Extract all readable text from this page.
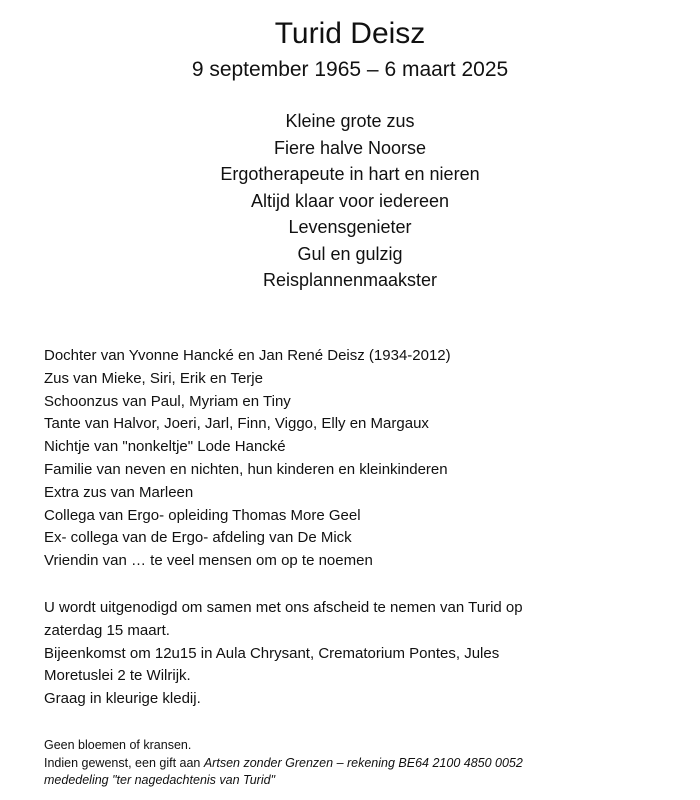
Turid Deisz
9 september 1965 – 6 maart 2025
Kleine grote zus
Fiere halve Noorse
Ergotherapeute in hart en nieren
Altijd klaar voor iedereen
Levensgenieter
Gul en gulzig
Reisplannenmaakster
Dochter van Yvonne Hancké en Jan René Deisz (1934-2012)
Zus van Mieke, Siri, Erik en Terje
Schoonzus van Paul, Myriam en Tiny
Tante van Halvor, Joeri, Jarl, Finn, Viggo, Elly en Margaux
Nichtje van "nonkeltje" Lode Hancké
Familie van neven en nichten, hun kinderen en kleinkinderen
Extra zus van Marleen
Collega van Ergo- opleiding Thomas More Geel
Ex- collega van de Ergo- afdeling van De Mick
Vriendin van … te veel mensen om op te noemen
U wordt uitgenodigd om samen met ons afscheid te nemen van Turid op
zaterdag 15 maart.
Bijeenkomst om 12u15 in Aula Chrysant, Crematorium Pontes, Jules
Moretuslei 2 te Wilrijk.
Graag in kleurige kledij.
Geen bloemen of kransen.
Indien gewenst, een gift aan Artsen zonder Grenzen – rekening BE64 2100 4850 0052
mededeling "ter nagedachtenis van Turid"
